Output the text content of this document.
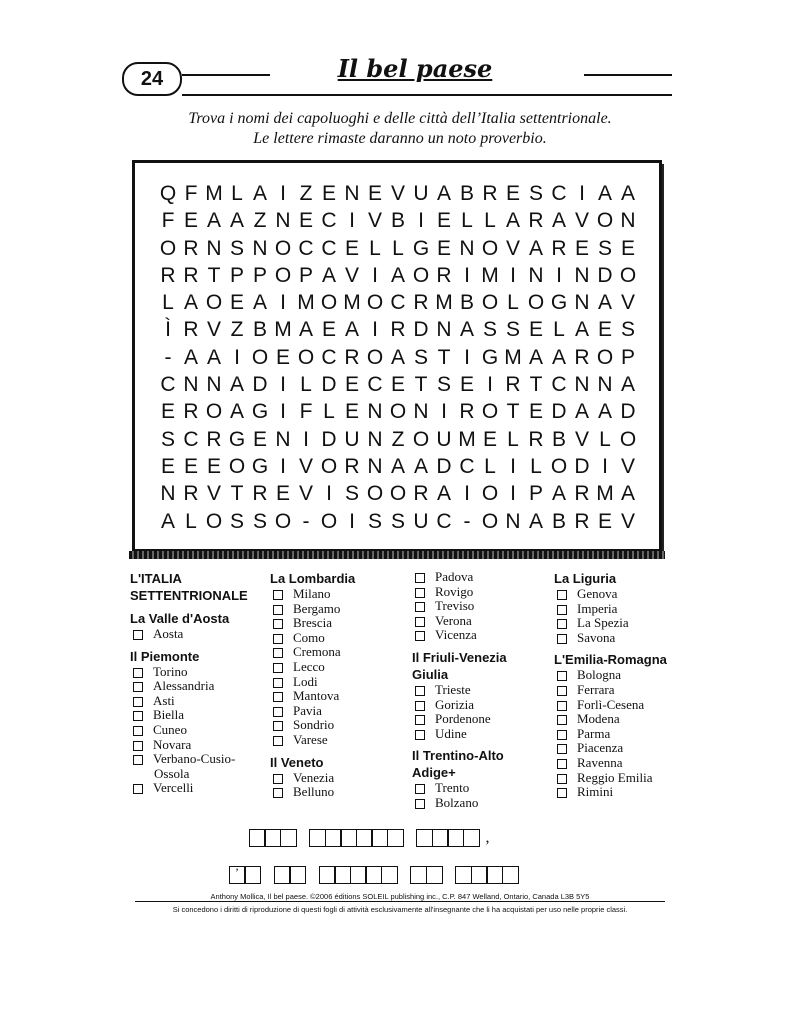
24	Il bel paese
Trova i nomi dei capoluoghi e delle città dell’Italia settentrionale.
Le lettere rimaste daranno un noto proverbio.
Q F M L A I Z E N E V U A B R E S C I A A
F E A A Z N E C I V B I E L L A R A V O N
O R N S N O C C E L L G E N O V A R E S E
R R T P P O P A V I A O R I M I N I N D O
L A O E A I M O M O C R M B O L O G N A V
Ì R V Z B M A E A I R D N A S S E L A E S
- A A I O E O C R O A S T I G M A A R O P
C N N A D I L D E C E T S E I R T C N N A
E R O A G I F L E N O N I R O T E D A A D
S C R G E N I D U N Z O U M E L R B V L O
E E E O G I V O R N A A D C L I L O D I V
N R V T R E V I S O O R A I O I P A R M A
A L O S S O - O I S S U C - O N A B R E V
L'ITALIA
SETTENTRIONALE
La Valle d'Aosta
Aosta
Il Piemonte
Torino
Alessandria
Asti
Biella
Cuneo
Novara
Verbano-Cusio-
Ossola
Vercelli
La Lombardia
Milano
Bergamo
Brescia
Como
Cremona
Lecco
Lodi
Mantova
Pavia
Sondrio
Varese
Il Veneto
Venezia
Belluno
Padova
Rovigo
Treviso
Verona
Vicenza
Il Friuli-Venezia
Giulia
Trieste
Gorizia
Pordenone
Udine
Il Trentino-Alto
Adige+
Trento
Bolzano
La Liguria
Genova
Imperia
La Spezia
Savona
L'Emilia-Romagna
Bologna
Ferrara
Forlì-Cesena
Modena
Parma
Piacenza
Ravenna
Reggio Emilia
Rimini
,
’
Anthony Mollica, Il bel paese. ©2006 éditions SOLEIL publishing inc., C.P. 847 Welland, Ontario, Canada L3B 5Y5
Si concedono i diritti di riproduzione di questi fogli di attività esclusivamente all'insegnante che li ha acquistati per uso nelle proprie classi.
